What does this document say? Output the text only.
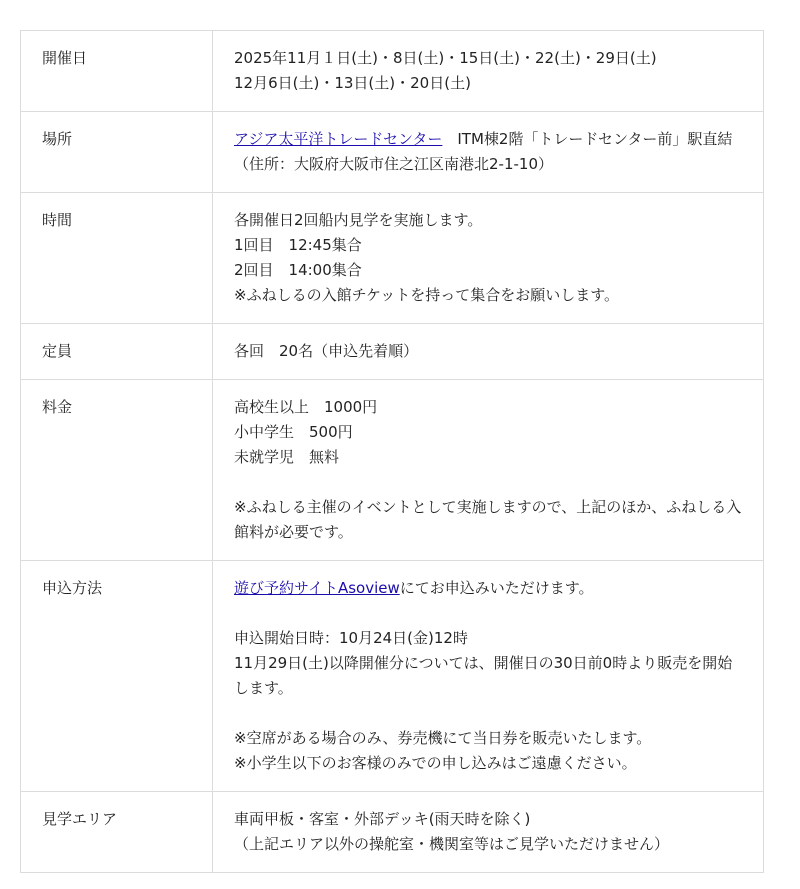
開催日	2025年11月１日(土)・8日(土)・15日(土)・22(土)・29日(土)
12月6日(土)・13日(土)・20日(土)

場所	アジア太平洋トレードセンター　ITM棟2階「トレードセンター前」駅直結（住所：大阪府大阪市住之江区南港北2-1-10）
時間	各開催日2回船内見学を実施します。
1回目　12:45集合
2回目　14:00集合
※ふねしるの入館チケットを持って集合をお願いします。

定員	各回　20名（申込先着順）

料金	高校生以上　1000円
小中学生　500円
未就学児　無料
※ふねしる主催のイベントとして実施しますので、上記のほか、ふねしる入館料が必要です。

申込方法	遊び予約サイトAsoviewにてお申込みいただけます。
申込開始日時：10月24日(金)12時
11月29日(土)以降開催分については、開催日の30日前0時より販売を開始します。
※空席がある場合のみ、券売機にて当日券を販売いたします。
※小学生以下のお客様のみでの申し込みはご遠慮ください。

見学エリア	車両甲板・客室・外部デッキ(雨天時を除く)
（上記エリア以外の操舵室・機関室等はご見学いただけません）
